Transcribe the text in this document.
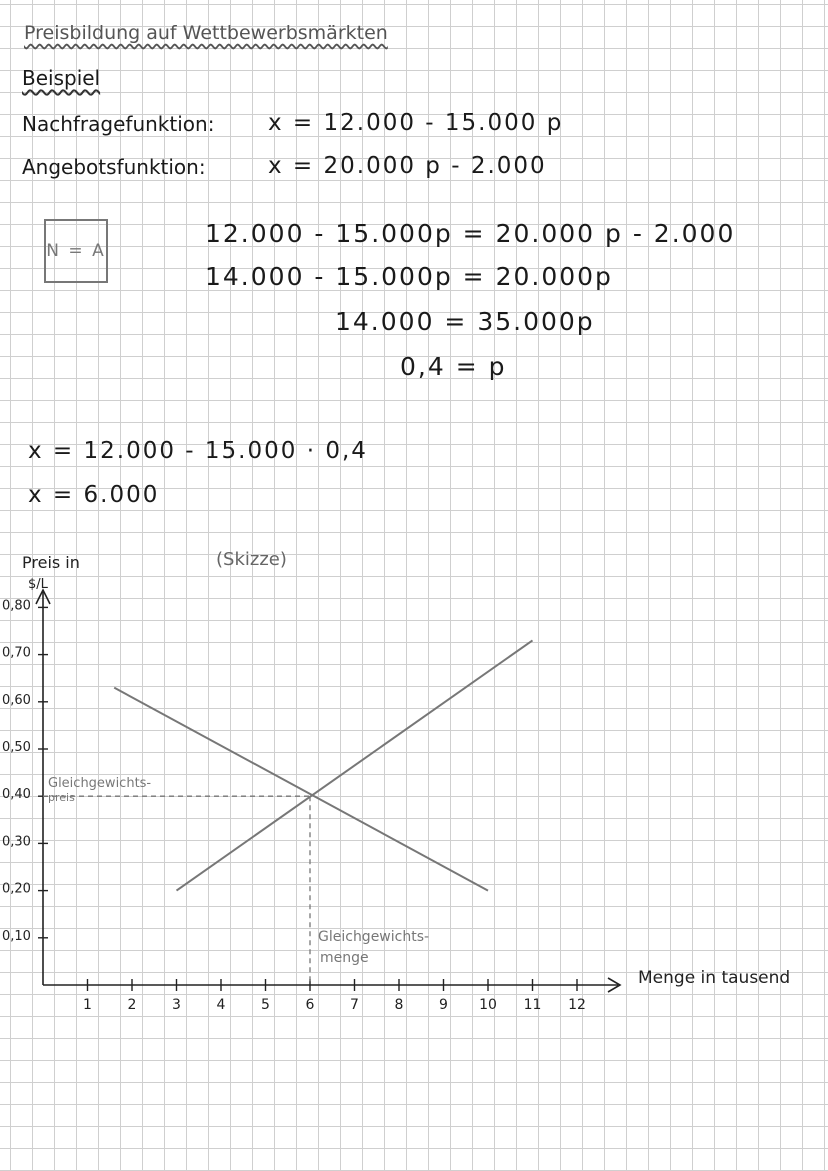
Preisbildung auf Wettbewerbsmärkten
Beispiel
Nachfragefunktion: x = 12.000 - 15.000 p
Angebotsfunktion:	x = 20.000 p - 2.000
N = A
12.000 - 15.000p = 20.000 p - 2.000
14.000 - 15.000p = 20.000p
14.000 = 35.000p
0,4 = p
x = 12.000 - 15.000 · 0,4
x = 6.000
(Skizze)
Preis in
$/L
Menge in tausend
1	2	3	4	5	6	7	8	9 10 11 12
0,10
0,20
0,30
0,40
0,50
0,60
0,70
0,80
Gleichgewichts-
preis
Gleichgewichts-
menge
